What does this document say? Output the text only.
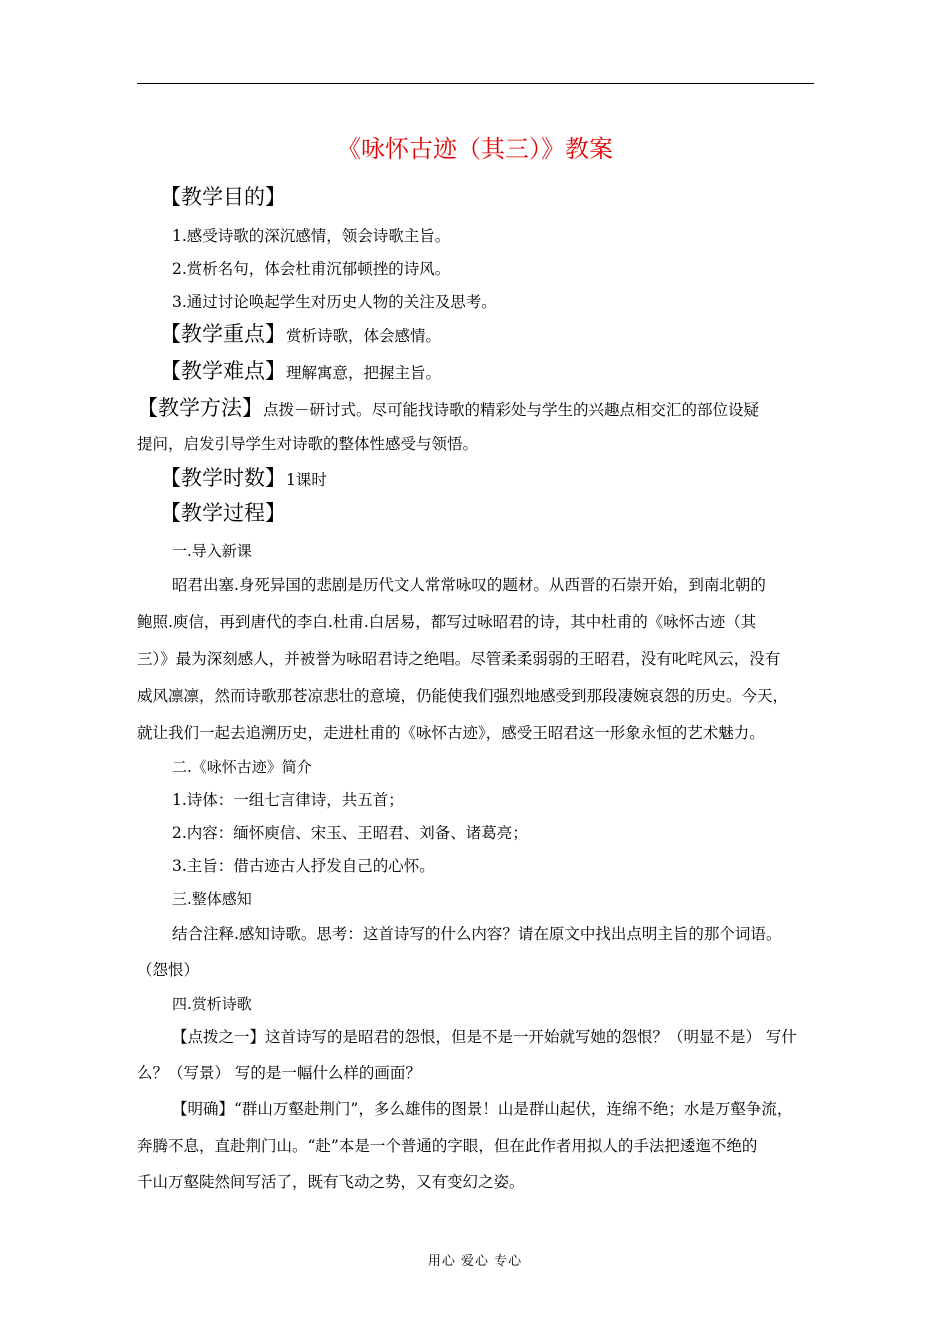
《咏怀古迹（其三）》教案
【教学目的】
1.感受诗歌的深沉感情，领会诗歌主旨。
2.赏析名句，体会杜甫沉郁顿挫的诗风。
3.通过讨论唤起学生对历史人物的关注及思考。
【教学重点】赏析诗歌，体会感情。
【教学难点】理解寓意，把握主旨。
【教学方法】点拨－研讨式。尽可能找诗歌的精彩处与学生的兴趣点相交汇的部位设疑
提问，启发引导学生对诗歌的整体性感受与领悟。
【教学时数】1课时
【教学过程】
一.导入新课
昭君出塞.身死异国的悲剧是历代文人常常咏叹的题材。从西晋的石崇开始，到南北朝的
鲍照.庾信，再到唐代的李白.杜甫.白居易，都写过咏昭君的诗，其中杜甫的《咏怀古迹（其
三）》最为深刻感人，并被誉为咏昭君诗之绝唱。尽管柔柔弱弱的王昭君，没有叱咤风云，没有
威风凛凛，然而诗歌那苍凉悲壮的意境，仍能使我们强烈地感受到那段凄婉哀怨的历史。今天，
就让我们一起去追溯历史，走进杜甫的《咏怀古迹》，感受王昭君这一形象永恒的艺术魅力。
二.《咏怀古迹》简介
1.诗体：一组七言律诗，共五首；
2.内容：缅怀庾信、宋玉、王昭君、刘备、诸葛亮；
3.主旨：借古迹古人抒发自己的心怀。
三.整体感知
结合注释.感知诗歌。思考：这首诗写的什么内容？请在原文中找出点明主旨的那个词语。
（怨恨）
四.赏析诗歌
【点拨之一】这首诗写的是昭君的怨恨，但是不是一开始就写她的怨恨？（明显不是） 写什
么？（写景） 写的是一幅什么样的画面？
【明确】“群山万壑赴荆门”，多么雄伟的图景！山是群山起伏，连绵不绝；水是万壑争流，
奔腾不息，直赴荆门山。“赴”本是一个普通的字眼，但在此作者用拟人的手法把逶迤不绝的
千山万壑陡然间写活了，既有飞动之势，又有变幻之姿。
用心 爱心 专心
